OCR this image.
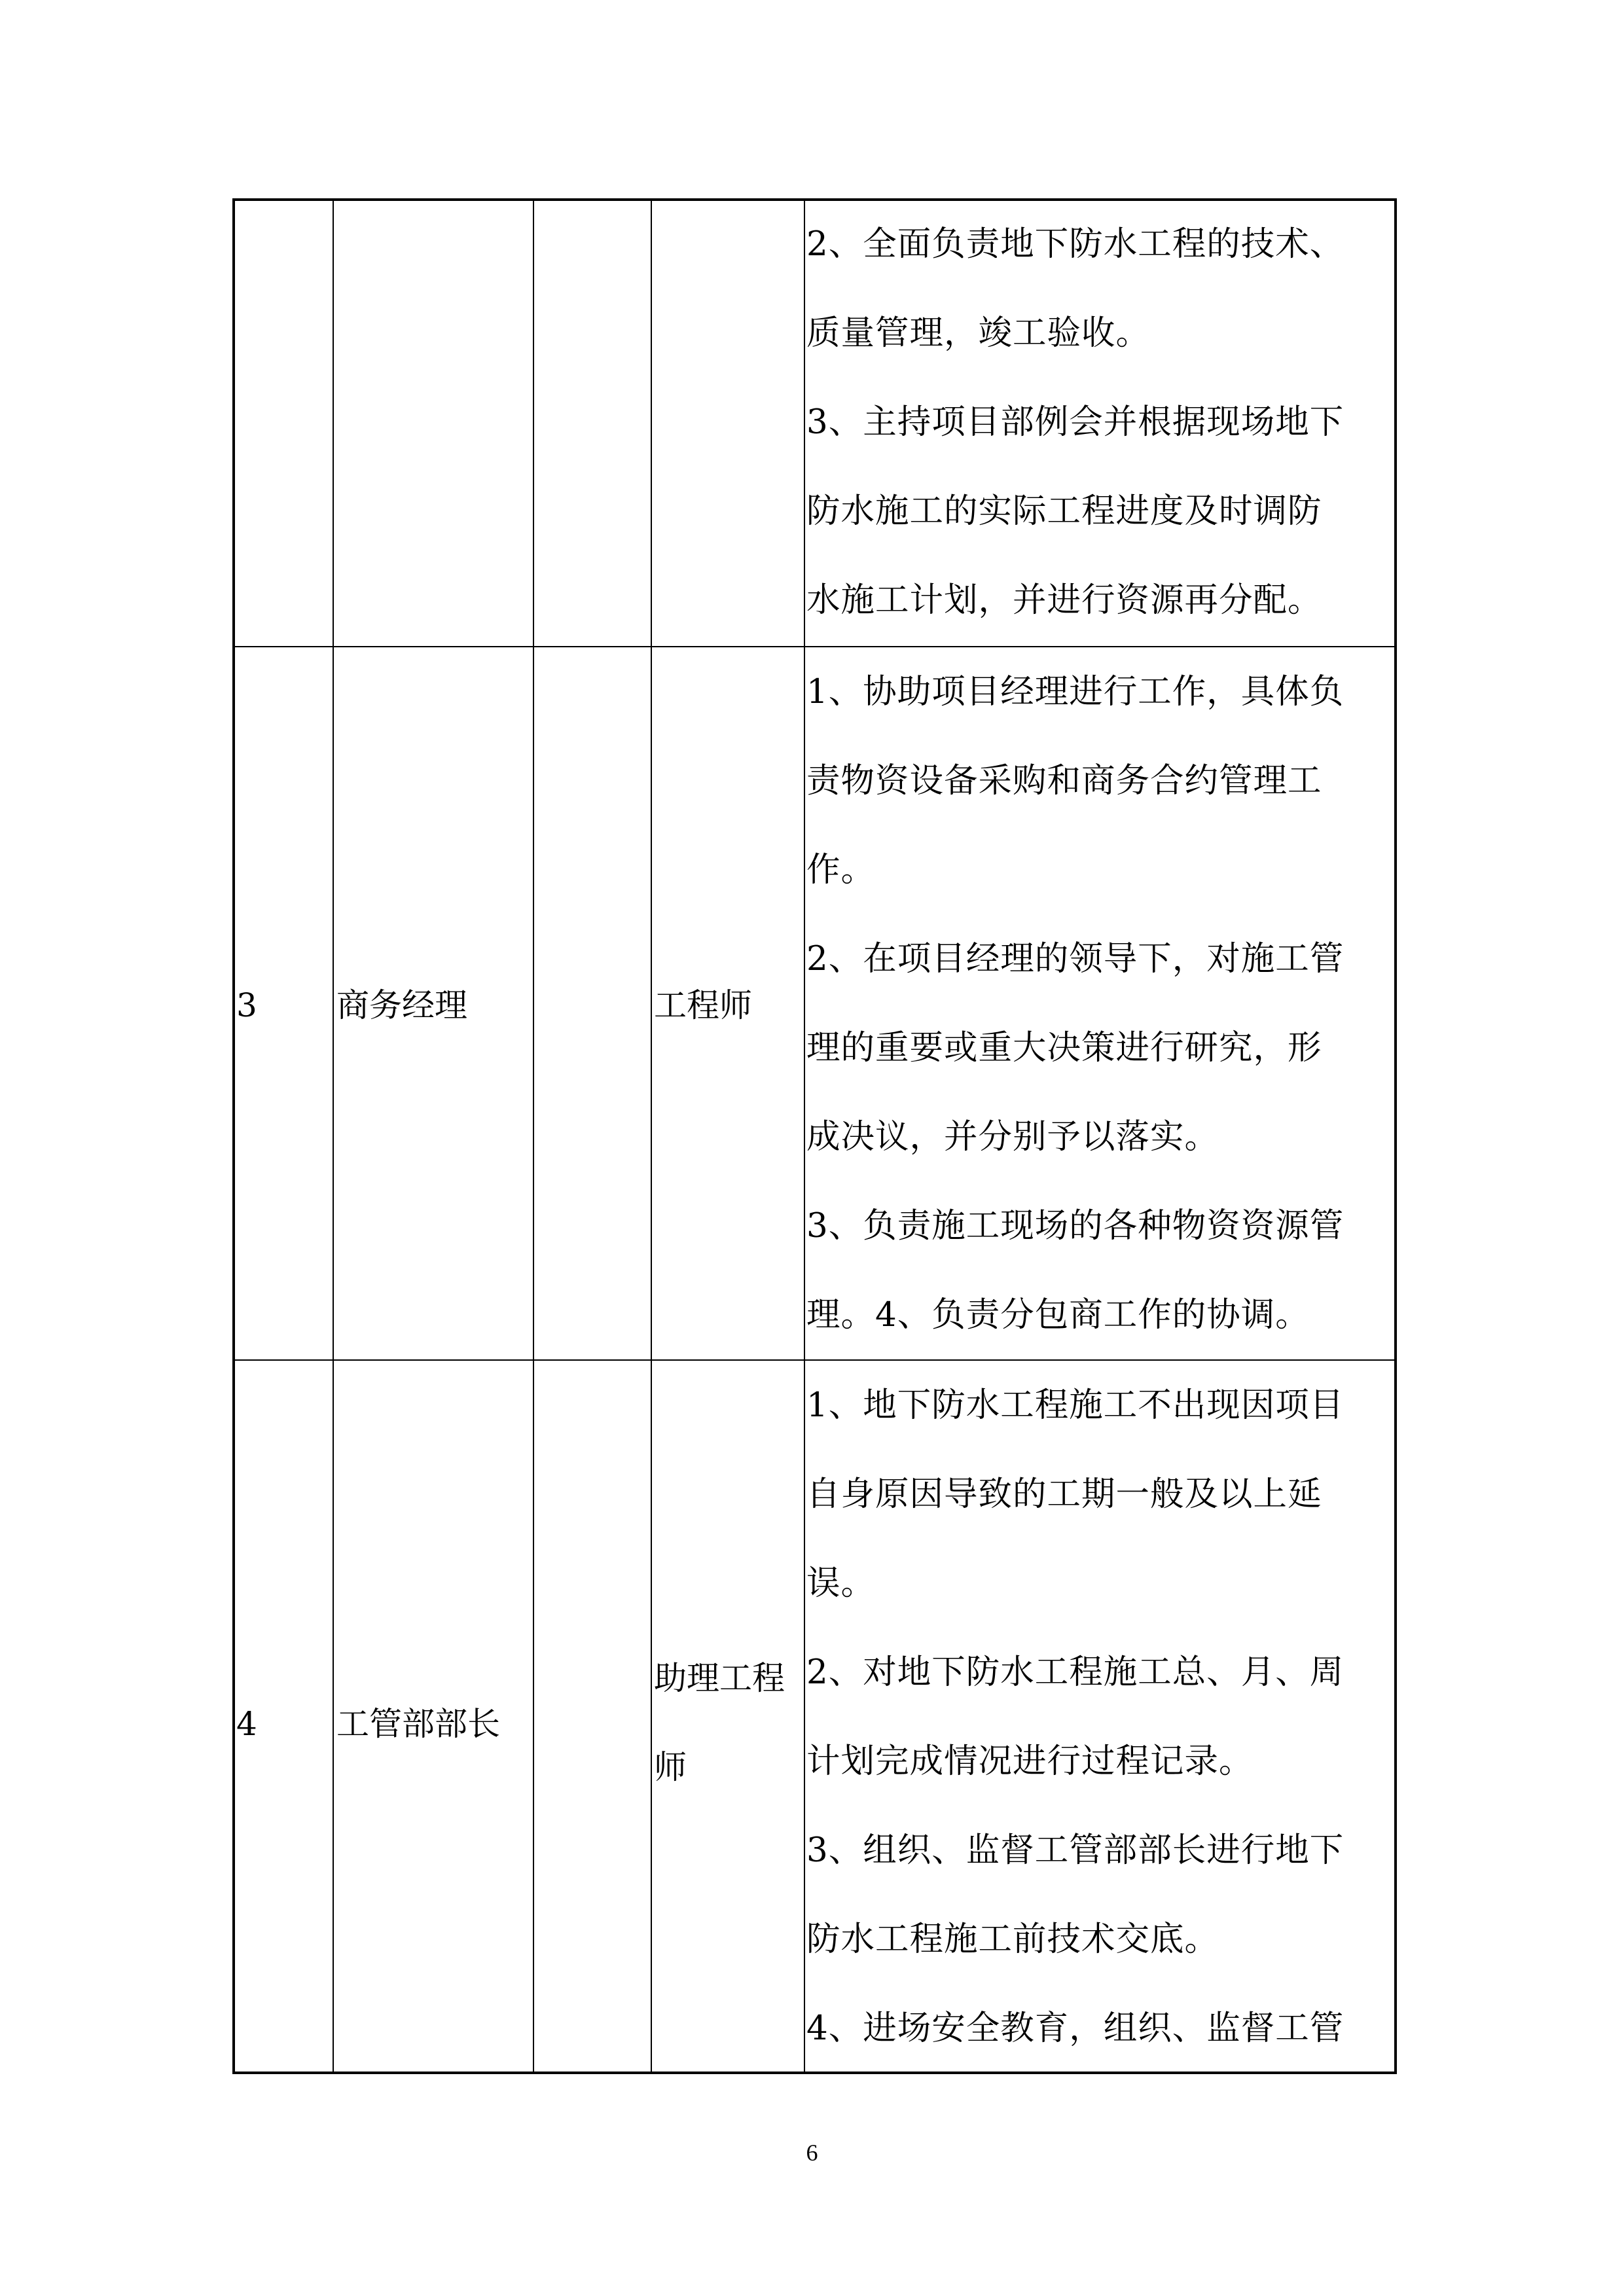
2、全面负责地下防水工程的技术、
质量管理，竣工验收。
3、主持项目部例会并根据现场地下
防水施工的实际工程进度及时调防
水施工计划，并进行资源再分配。
3 商务经理	工程师
1、协助项目经理进行工作，具体负
责物资设备采购和商务合约管理工
作。
2、在项目经理的领导下，对施工管
理的重要或重大决策进行研究，形
成决议，并分别予以落实。
3、负责施工现场的各种物资资源管
理。4、负责分包商工作的协调。
4 工管部部长
助理工程
师
1、地下防水工程施工不出现因项目
自身原因导致的工期一般及以上延
误。
2、对地下防水工程施工总、月、周
计划完成情况进行过程记录。
3、组织、监督工管部部长进行地下
防水工程施工前技术交底。
4、进场安全教育，组织、监督工管
6
